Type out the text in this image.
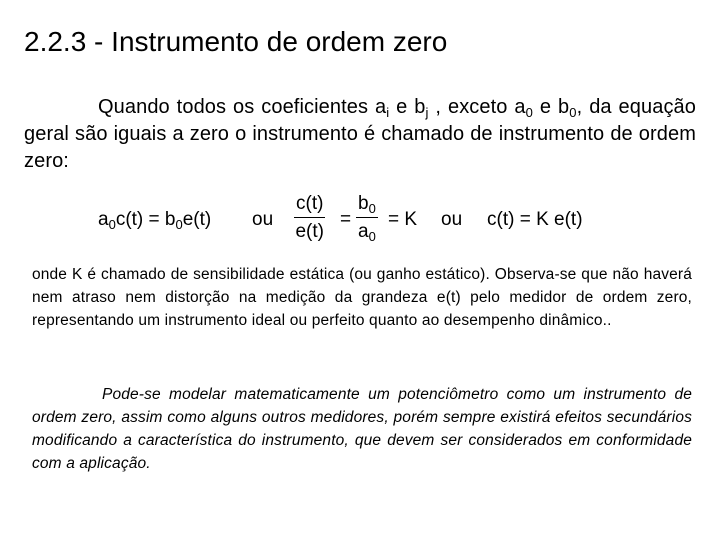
2.2.3 - Instrumento de ordem zero
Quando todos os coeficientes $a_i$ e $b_j$ , exceto $a_0$ e $b_0$, da equação geral são iguais a zero o instrumento é chamado de instrumento de ordem zero:
$a_0c(t) = b_0e(t)$ ou $\frac{c(t)}{e(t)} = \frac{b_0}{a_0} = K$ ou c(t) = K e(t)
onde K é chamado de sensibilidade estática (ou ganho estático). Observa-se que não haverá nem atraso nem distorção na medição da grandeza e(t) pelo medidor de ordem zero, representando um instrumento ideal ou perfeito quanto ao desempenho dinâmico..
Pode-se modelar matematicamente um potenciômetro como um instrumento de ordem zero, assim como alguns outros medidores, porém sempre existirá efeitos secundários modificando a característica do instrumento, que devem ser considerados em conformidade com a aplicação.
